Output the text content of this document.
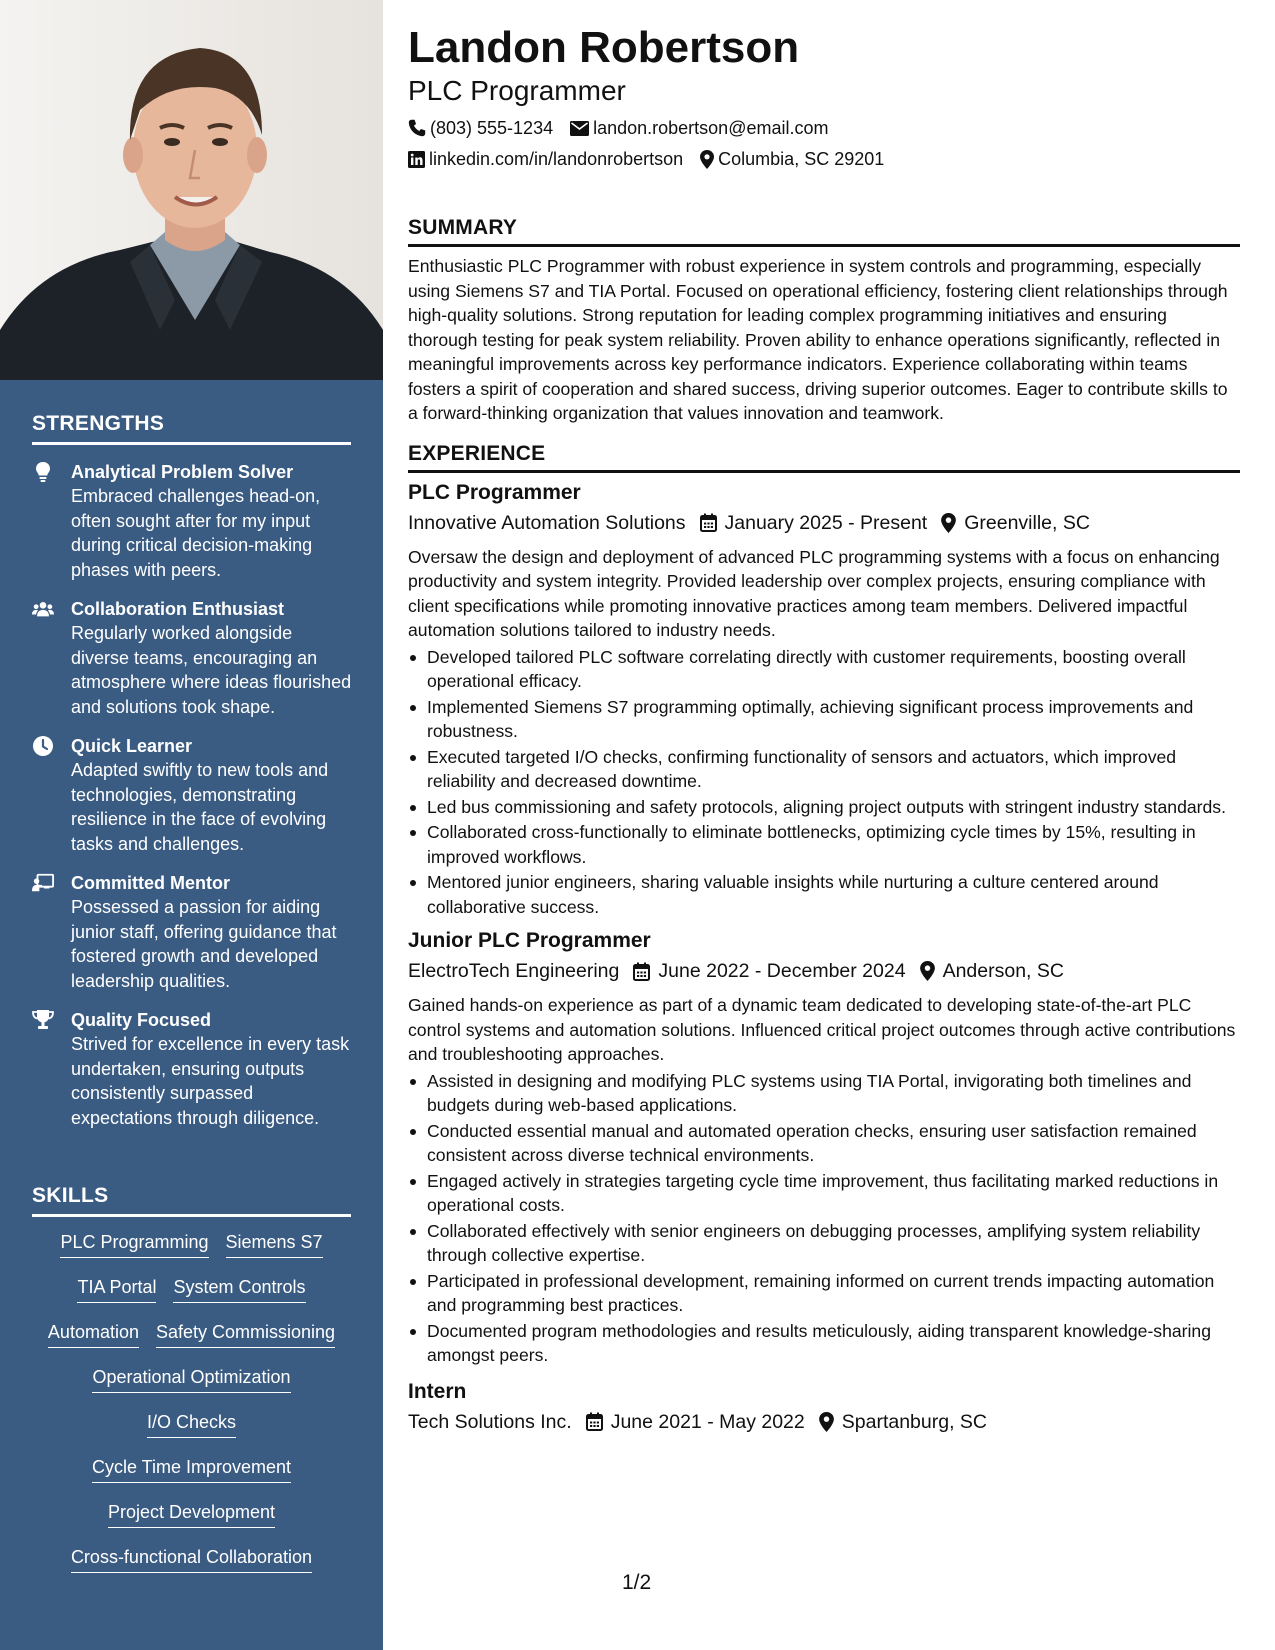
STRENGTHS
Analytical Problem Solver
Embraced challenges head-on, often sought after for my input during critical decision-making phases with peers.
Collaboration Enthusiast
Regularly worked alongside diverse teams, encouraging an atmosphere where ideas flourished and solutions took shape.
Quick Learner
Adapted swiftly to new tools and technologies, demonstrating resilience in the face of evolving tasks and challenges.
Committed Mentor
Possessed a passion for aiding junior staff, offering guidance that fostered growth and developed leadership qualities.
Quality Focused
Strived for excellence in every task undertaken, ensuring outputs consistently surpassed expectations through diligence.
SKILLS
PLC Programming Siemens S7
TIA Portal System Controls
Automation Safety Commissioning
Operational Optimization
I/O Checks
Cycle Time Improvement
Project Development
Cross-functional Collaboration
Landon Robertson
PLC Programmer
(803) 555-1234 landon.robertson@email.com
linkedin.com/in/landonrobertson Columbia, SC 29201
SUMMARY
Enthusiastic PLC Programmer with robust experience in system controls and programming, especially using Siemens S7 and TIA Portal. Focused on operational efficiency, fostering client relationships through high-quality solutions. Strong reputation for leading complex programming initiatives and ensuring thorough testing for peak system reliability. Proven ability to enhance operations significantly, reflected in meaningful improvements across key performance indicators. Experience collaborating within teams fosters a spirit of cooperation and shared success, driving superior outcomes. Eager to contribute skills to a forward-thinking organization that values innovation and teamwork.
EXPERIENCE
PLC Programmer
Innovative Automation Solutions January 2025 - Present Greenville, SC
Oversaw the design and deployment of advanced PLC programming systems with a focus on enhancing productivity and system integrity. Provided leadership over complex projects, ensuring compliance with client specifications while promoting innovative practices among team members. Delivered impactful automation solutions tailored to industry needs.
Developed tailored PLC software correlating directly with customer requirements, boosting overall operational efficacy.
Implemented Siemens S7 programming optimally, achieving significant process improvements and robustness.
Executed targeted I/O checks, confirming functionality of sensors and actuators, which improved reliability and decreased downtime.
Led bus commissioning and safety protocols, aligning project outputs with stringent industry standards.
Collaborated cross-functionally to eliminate bottlenecks, optimizing cycle times by 15%, resulting in improved workflows.
Mentored junior engineers, sharing valuable insights while nurturing a culture centered around collaborative success.
Junior PLC Programmer
ElectroTech Engineering June 2022 - December 2024 Anderson, SC
Gained hands-on experience as part of a dynamic team dedicated to developing state-of-the-art PLC control systems and automation solutions. Influenced critical project outcomes through active contributions and troubleshooting approaches.
Assisted in designing and modifying PLC systems using TIA Portal, invigorating both timelines and budgets during web-based applications.
Conducted essential manual and automated operation checks, ensuring user satisfaction remained consistent across diverse technical environments.
Engaged actively in strategies targeting cycle time improvement, thus facilitating marked reductions in operational costs.
Collaborated effectively with senior engineers on debugging processes, amplifying system reliability through collective expertise.
Participated in professional development, remaining informed on current trends impacting automation and programming best practices.
Documented program methodologies and results meticulously, aiding transparent knowledge-sharing amongst peers.
Intern
Tech Solutions Inc. June 2021 - May 2022 Spartanburg, SC
1/2
